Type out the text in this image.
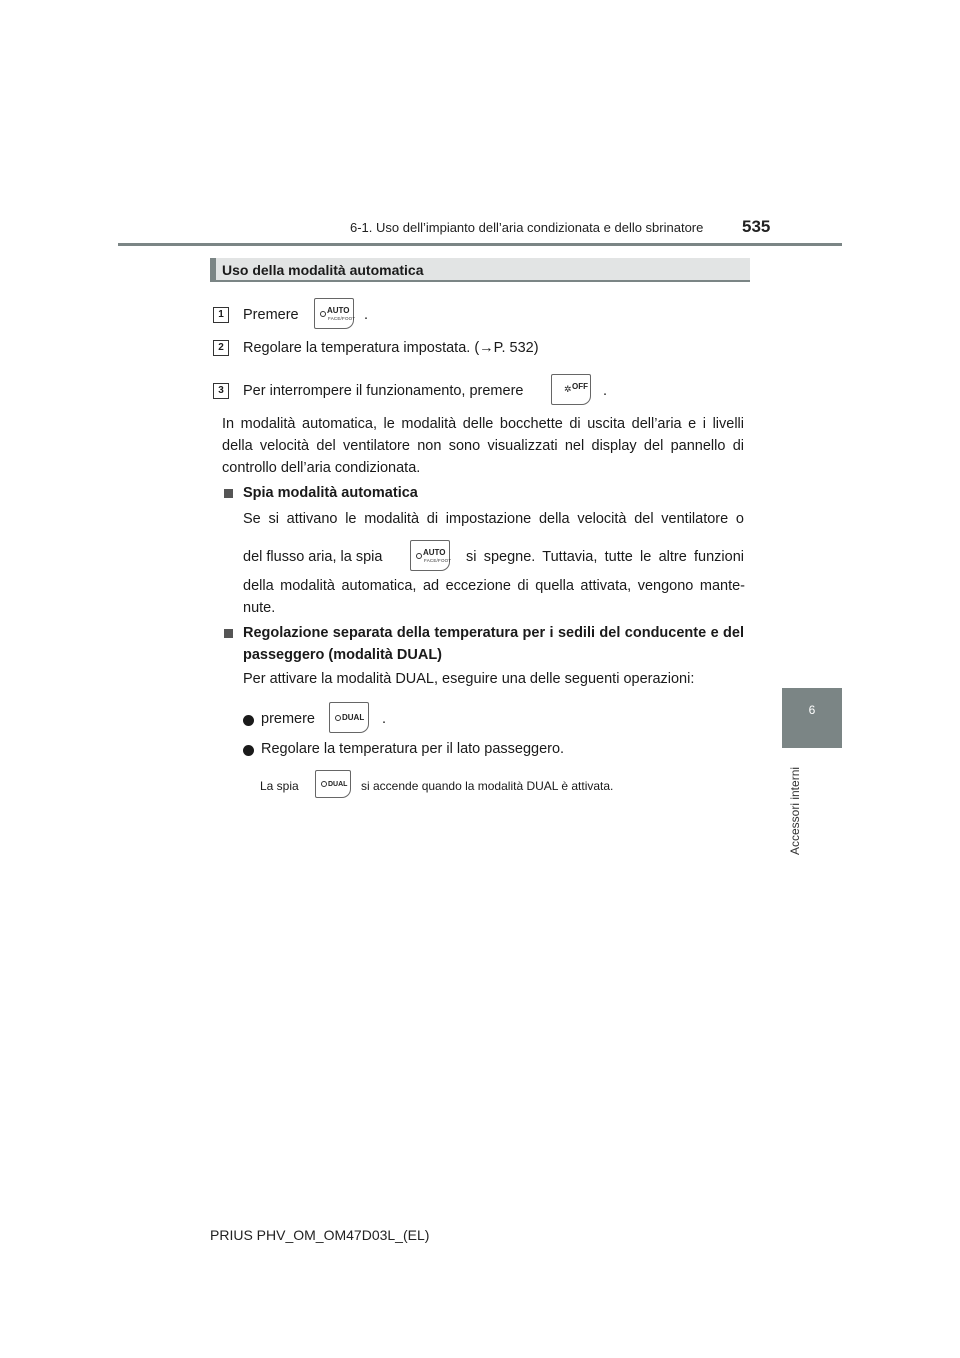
6-1. Uso dell’impianto dell’aria condizionata e dello sbrinatore 535
6
Accessori interni
Uso della modalità automatica
1	Premere	AUTO
FACE/FOOT .
2	Regolare la temperatura impostata. (→P. 532)
3	Per interrompere il funzionamento, premere	✲ OFF .
In modalità automatica, le modalità delle bocchette di uscita dell’aria e i livelli della velocità del ventilatore non sono visualizzati nel display del pannello di controllo dell’aria condizionata.
Spia modalità automatica
Se si attivano le modalità di impostazione della velocità del ventilatore o
del flusso aria, la spia	AUTO
FACE/FOOT si spegne. Tuttavia, tutte le altre funzioni
della modalità automatica, ad eccezione di quella attivata, vengono mante-nute.
Regolazione separata della temperatura per i sedili del conducente e del passeggero (modalità DUAL)
Per attivare la modalità DUAL, eseguire una delle seguenti operazioni:
premere	DUAL .
Regolare la temperatura per il lato passeggero.
La spia	DUAL si accende quando la modalità DUAL è attivata.
PRIUS PHV_OM_OM47D03L_(EL)
